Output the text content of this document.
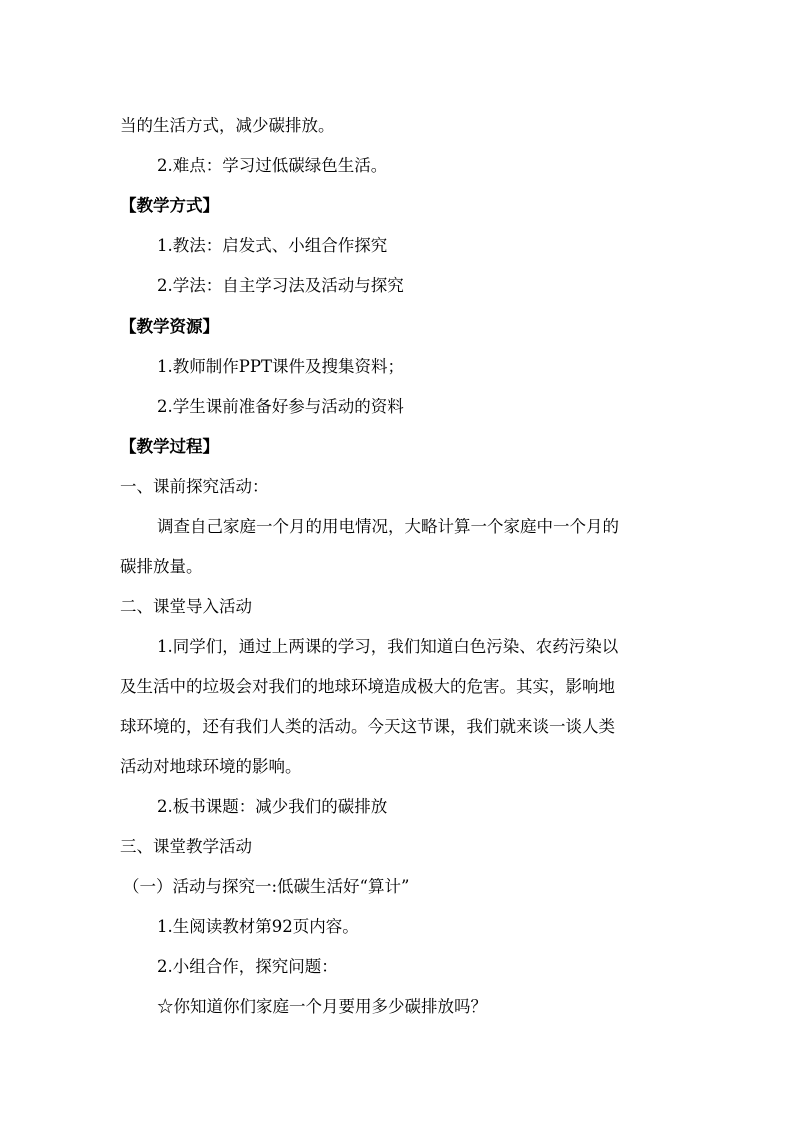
当的生活方式，减少碳排放。
2.难点：学习过低碳绿色生活。
【教学方式】
1.教法：启发式、小组合作探究
2.学法：自主学习法及活动与探究
【教学资源】
1.教师制作PPT课件及搜集资料；
2.学生课前准备好参与活动的资料
【教学过程】
一、课前探究活动：
调查自己家庭一个月的用电情况，大略计算一个家庭中一个月的
碳排放量。
二、课堂导入活动
1.同学们，通过上两课的学习，我们知道白色污染、农药污染以
及生活中的垃圾会对我们的地球环境造成极大的危害。其实，影响地
球环境的，还有我们人类的活动。今天这节课，我们就来谈一谈人类
活动对地球环境的影响。
2.板书课题：减少我们的碳排放
三、课堂教学活动
（一）活动与探究一:低碳生活好“算计”
1.生阅读教材第92页内容。
2.小组合作，探究问题：
☆你知道你们家庭一个月要用多少碳排放吗？
